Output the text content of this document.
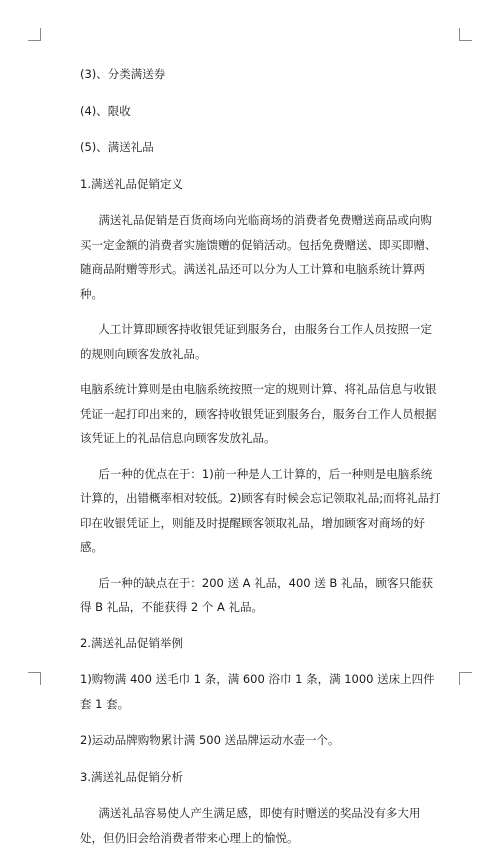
(3)、分类满送券

(4)、限收

(5)、满送礼品

1.满送礼品促销定义

满送礼品促销是百货商场向光临商场的消费者免费赠送商品或向购买一定金额的消费者实施馈赠的促销活动。包括免费赠送、即买即赠、随商品附赠等形式。满送礼品还可以分为人工计算和电脑系统计算两种。

人工计算即顾客持收银凭证到服务台，由服务台工作人员按照一定的规则向顾客发放礼品。

电脑系统计算则是由电脑系统按照一定的规则计算、将礼品信息与收银凭证一起打印出来的，顾客持收银凭证到服务台，服务台工作人员根据该凭证上的礼品信息向顾客发放礼品。

后一种的优点在于：1)前一种是人工计算的，后一种则是电脑系统计算的，出错概率相对较低。2)顾客有时候会忘记领取礼品;而将礼品打印在收银凭证上，则能及时提醒顾客领取礼品，增加顾客对商场的好感。

后一种的缺点在于：200 送 A 礼品，400 送 B 礼品，顾客只能获得 B 礼品，不能获得 2 个 A 礼品。

2.满送礼品促销举例

1)购物满 400 送毛巾 1 条，满 600 浴巾 1 条，满 1000 送床上四件套 1 套。

2)运动品牌购物累计满 500 送品牌运动水壶一个。

3.满送礼品促销分析

满送礼品容易使人产生满足感，即使有时赠送的奖品没有多大用处，但仍旧会给消费者带来心理上的愉悦。
